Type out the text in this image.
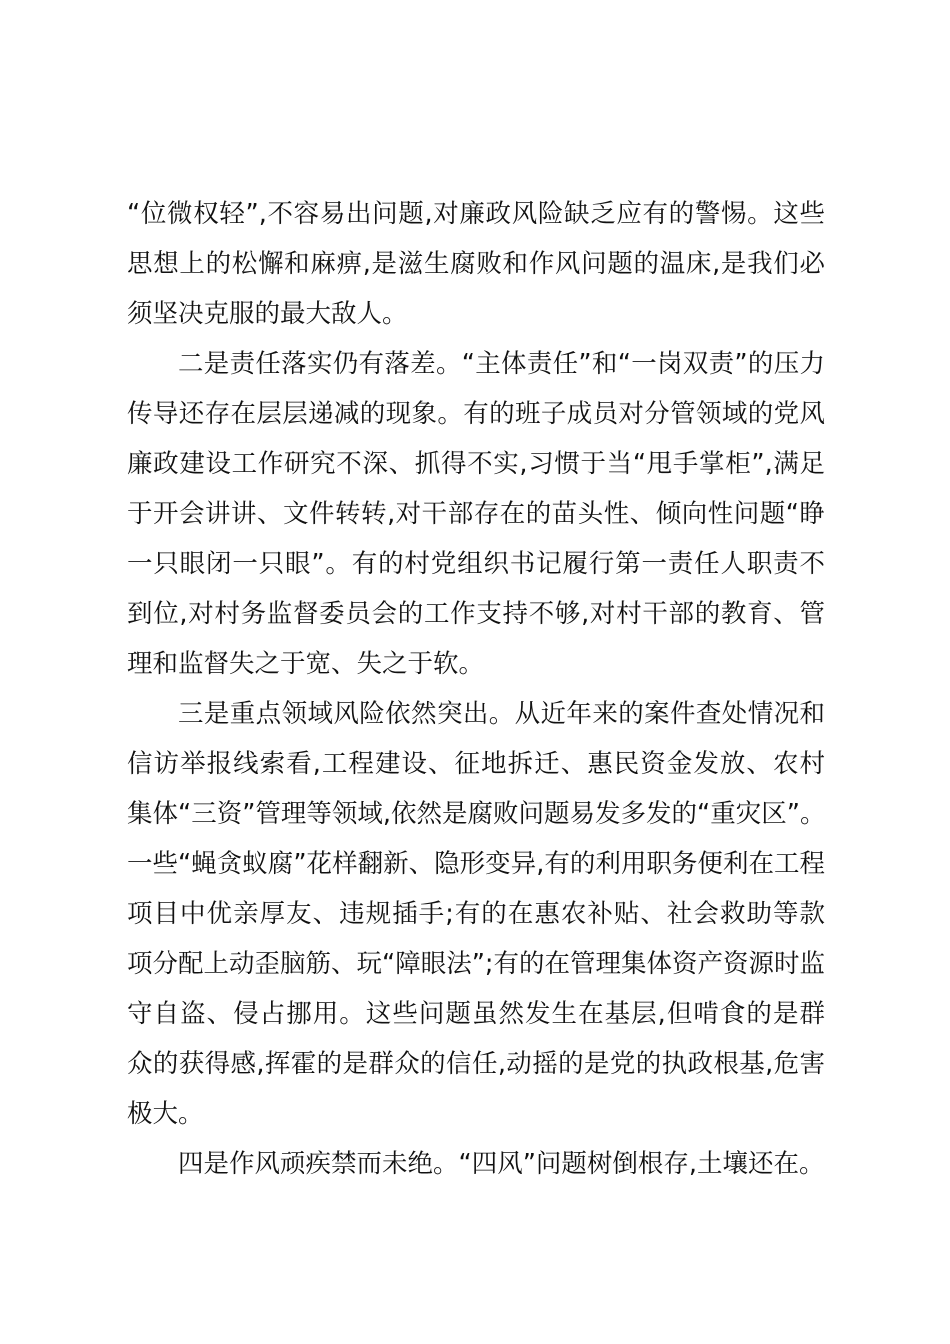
“位微权轻”,不容易出问题,对廉政风险缺乏应有的警惕。这些
思想上的松懈和麻痹,是滋生腐败和作风问题的温床,是我们必
须坚决克服的最大敌人。
二是责任落实仍有落差。“主体责任”和“一岗双责”的压力
传导还存在层层递减的现象。有的班子成员对分管领域的党风
廉政建设工作研究不深、抓得不实,习惯于当“甩手掌柜”,满足
于开会讲讲、文件转转,对干部存在的苗头性、倾向性问题“睁
一只眼闭一只眼”。有的村党组织书记履行第一责任人职责不
到位,对村务监督委员会的工作支持不够,对村干部的教育、管
理和监督失之于宽、失之于软。
三是重点领域风险依然突出。从近年来的案件查处情况和
信访举报线索看,工程建设、征地拆迁、惠民资金发放、农村
集体“三资”管理等领域,依然是腐败问题易发多发的“重灾区”。
一些“蝇贪蚁腐”花样翻新、隐形变异,有的利用职务便利在工程
项目中优亲厚友、违规插手;有的在惠农补贴、社会救助等款
项分配上动歪脑筋、玩“障眼法”;有的在管理集体资产资源时监
守自盗、侵占挪用。这些问题虽然发生在基层,但啃食的是群
众的获得感,挥霍的是群众的信任,动摇的是党的执政根基,危害
极大。
四是作风顽疾禁而未绝。“四风”问题树倒根存,土壤还在。
